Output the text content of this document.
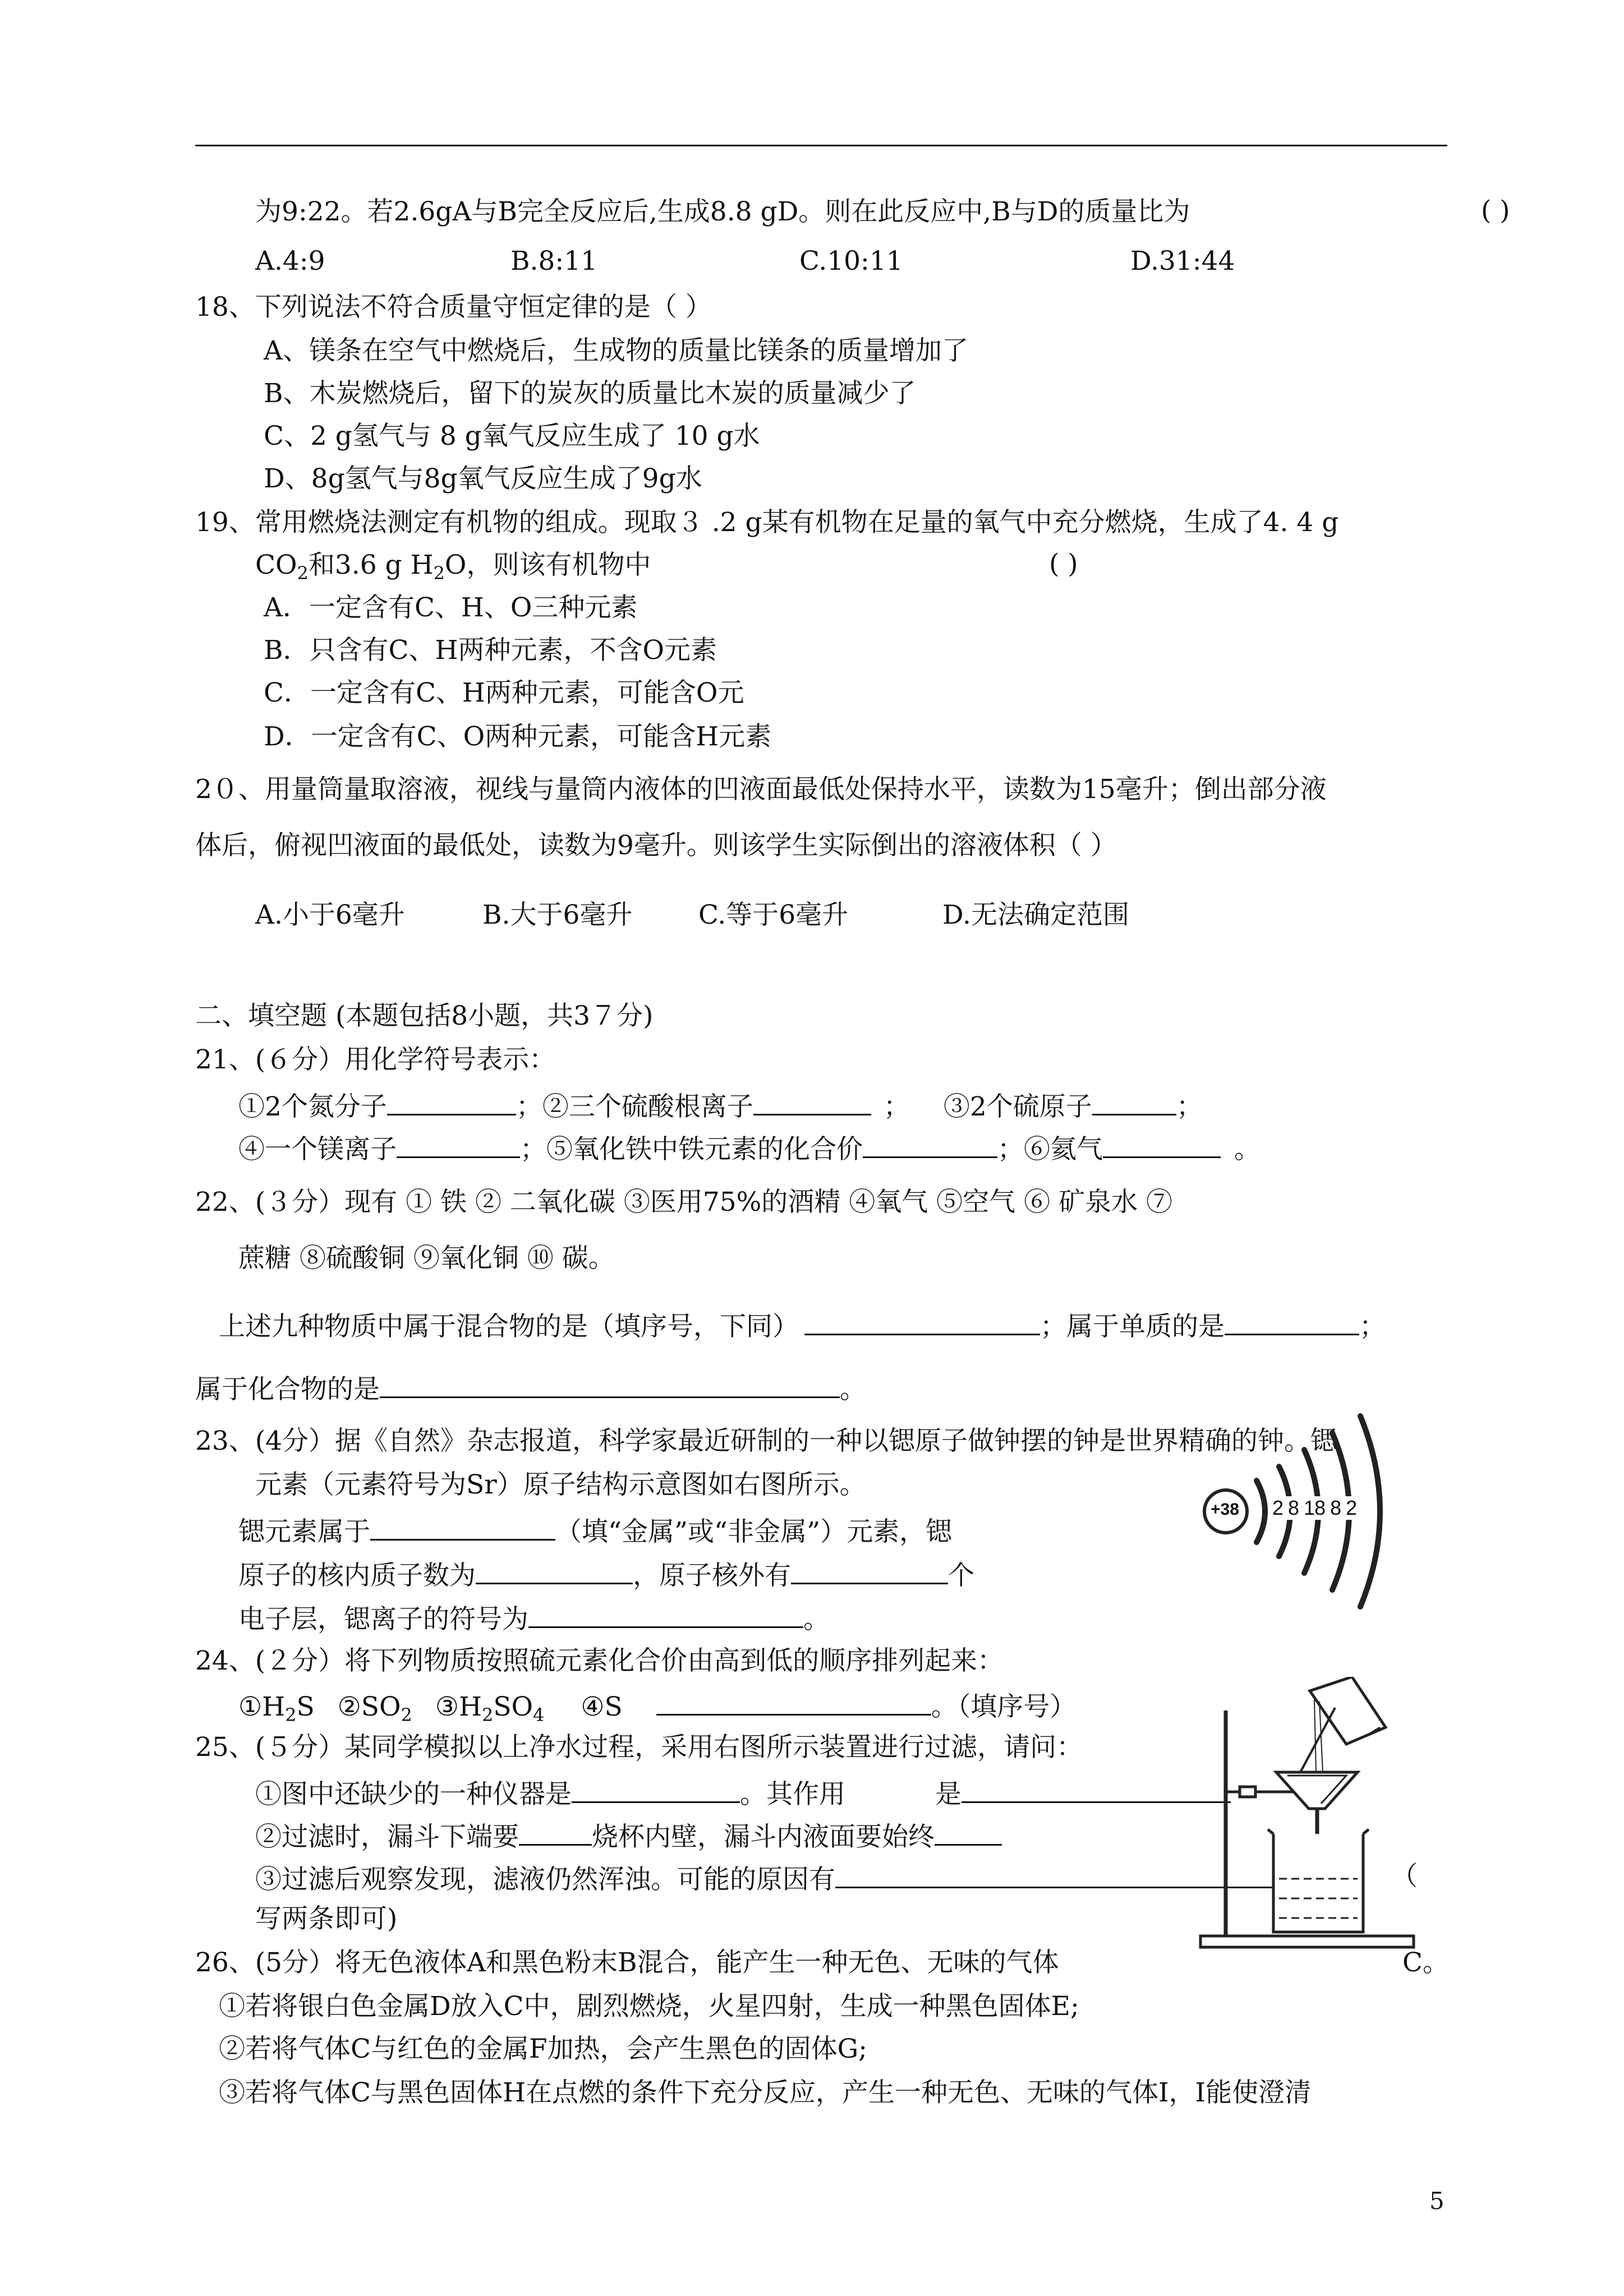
为9:22。若2.6gA与B完全反应后,生成8.8 gD。则在此反应中,B与D的质量比为	( )
A.4:9	B.8:11	C.10:11	D.31:44
18、下列说法不符合质量守恒定律的是（ ）
A、镁条在空气中燃烧后，生成物的质量比镁条的质量增加了
B、木炭燃烧后，留下的炭灰的质量比木炭的质量减少了
C、2 g氢气与 8 g氧气反应生成了 10 g水
D、8g氢气与8g氧气反应生成了9g水
19、常用燃烧法测定有机物的组成。现取３ .2 g某有机物在足量的氧气中充分燃烧，生成了4. 4 g
$CO_2$和3.6 g $H_2O$，则该有机物中	( )
A．一定含有C、H、O三种元素
B．只含有C、H两种元素，不含O元素
C．一定含有C、H两种元素，可能含O元
D．一定含有C、O两种元素，可能含H元素
2０、用量筒量取溶液，视线与量筒内液体的凹液面最低处保持水平，读数为15毫升；倒出部分液
体后，俯视凹液面的最低处，读数为9毫升。则该学生实际倒出的溶液体积（ ）
A.小于6毫升	B.大于6毫升	C.等于6毫升	D.无法确定范围
二、填空题 (本题包括8小题，共3７分)
21、(６分）用化学符号表示：
①2个氮分子	；②三个硫酸根离子	； ③2个硫原子	；
④一个镁离子	；⑤氧化铁中铁元素的化合价	；⑥氦气	。
22、(３分）现有 ① 铁 ② 二氧化碳 ③医用75%的酒精 ④氧气 ⑤空气 ⑥ 矿泉水 ⑦
蔗糖 ⑧硫酸铜 ⑨氧化铜 ⑩ 碳。
上述九种物质中属于混合物的是（填序号，下同）	；属于单质的是	；
属于化合物的是	。
23、(4分）据《自然》杂志报道，科学家最近研制的一种以锶原子做钟摆的钟是世界精确的钟。锶
元素（元素符号为Sr）原子结构示意图如右图所示。
锶元素属于	（填“金属”或“非金属”）元素，锶
原子的核内质子数为	，原子核外有	个
电子层，锶离子的符号为	。
+38 2 8 18 8 2
24、(２分）将下列物质按照硫元素化合价由高到低的顺序排列起来：
$①H_2S$ $②SO_2$ $③H_2SO_4$ ④S	。（填序号）
25、(５分）某同学模拟以上净水过程，采用右图所示装置进行过滤，请问：
①图中还缺少的一种仪器是	。其作用	是
②过滤时，漏斗下端要	烧杯内壁，漏斗内液面要始终
③过滤后观察发现，滤液仍然浑浊。可能的原因有	（
写两条即可)
26、(5分）将无色液体A和黑色粉末B混合，能产生一种无色、无味的气体	C。
①若将银白色金属D放入C中，剧烈燃烧，火星四射，生成一种黑色固体E;
②若将气体C与红色的金属F加热，会产生黑色的固体G;
③若将气体C与黑色固体H在点燃的条件下充分反应，产生一种无色、无味的气体I，I能使澄清
5
